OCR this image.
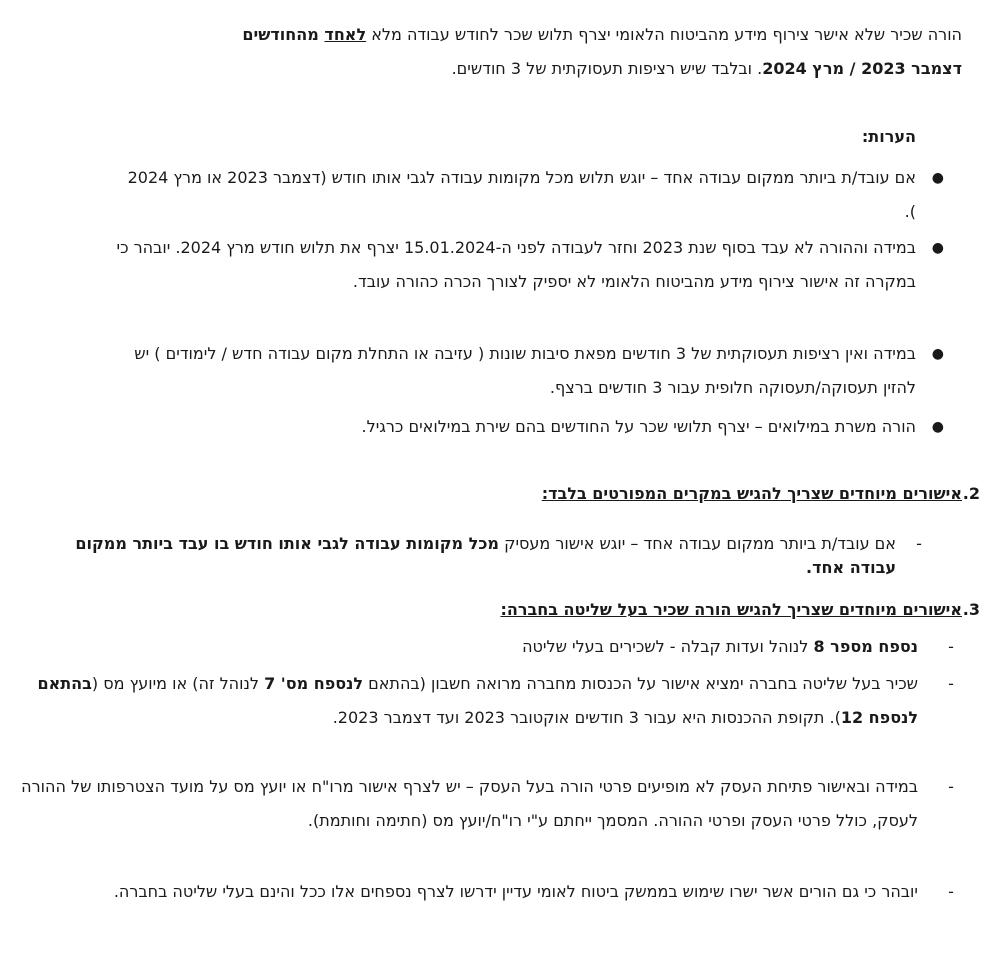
הורה שכיר שלא אישר צירוף מידע מהביטוח הלאומי יצרף תלוש שכר לחודש עבודה מלא לאחד מהחודשים
דצמבר 2023 / מרץ 2024. ובלבד שיש רציפות תעסוקתית של 3 חודשים.
הערות:
●
אם עובד/ת ביותר ממקום עבודה אחד – יוגש תלוש מכל מקומות עבודה לגבי אותו חודש (דצמבר 2023 או מרץ 2024 ).
●
במידה וההורה לא עבד בסוף שנת 2023 וחזר לעבודה לפני ה-15.01.2024 יצרף את תלוש חודש מרץ 2024. יובהר כי במקרה זה אישור צירוף מידע מהביטוח הלאומי לא יספיק לצורך הכרה כהורה עובד.
●
במידה ואין רציפות תעסוקתית של 3 חודשים מפאת סיבות שונות ( עזיבה או התחלת מקום עבודה חדש / לימודים ) יש להזין תעסוקה/תעסוקה חלופית עבור 3 חודשים ברצף.
●
הורה משרת במילואים – יצרף תלושי שכר על החודשים בהם שירת במילואים כרגיל.
2.
אישורים מיוחדים שצריך להגיש במקרים המפורטים בלבד:
-
אם עובד/ת ביותר ממקום עבודה אחד – יוגש אישור מעסיק מכל מקומות עבודה לגבי אותו חודש בו עבד ביותר ממקום עבודה אחד.
3.
אישורים מיוחדים שצריך להגיש הורה שכיר בעל שליטה בחברה:
-
נספח מספר 8 לנוהל ועדות קבלה - לשכירים בעלי שליטה
-
שכיר בעל שליטה בחברה ימציא אישור על הכנסות מחברה מרואה חשבון (בהתאם לנספח מס' 7 לנוהל זה) או מיועץ מס (בהתאם לנספח 12). תקופת ההכנסות היא עבור 3 חודשים אוקטובר 2023 ועד דצמבר 2023.
-
במידה ובאישור פתיחת העסק לא מופיעים פרטי הורה בעל העסק – יש לצרף אישור מרו"ח או יועץ מס על מועד הצטרפותו של ההורה לעסק, כולל פרטי העסק ופרטי ההורה. המסמך ייחתם ע"י רו"ח/יועץ מס (חתימה וחותמת).
-
יובהר כי גם הורים אשר ישרו שימוש בממשק ביטוח לאומי עדיין ידרשו לצרף נספחים אלו ככל והינם בעלי שליטה בחברה.
